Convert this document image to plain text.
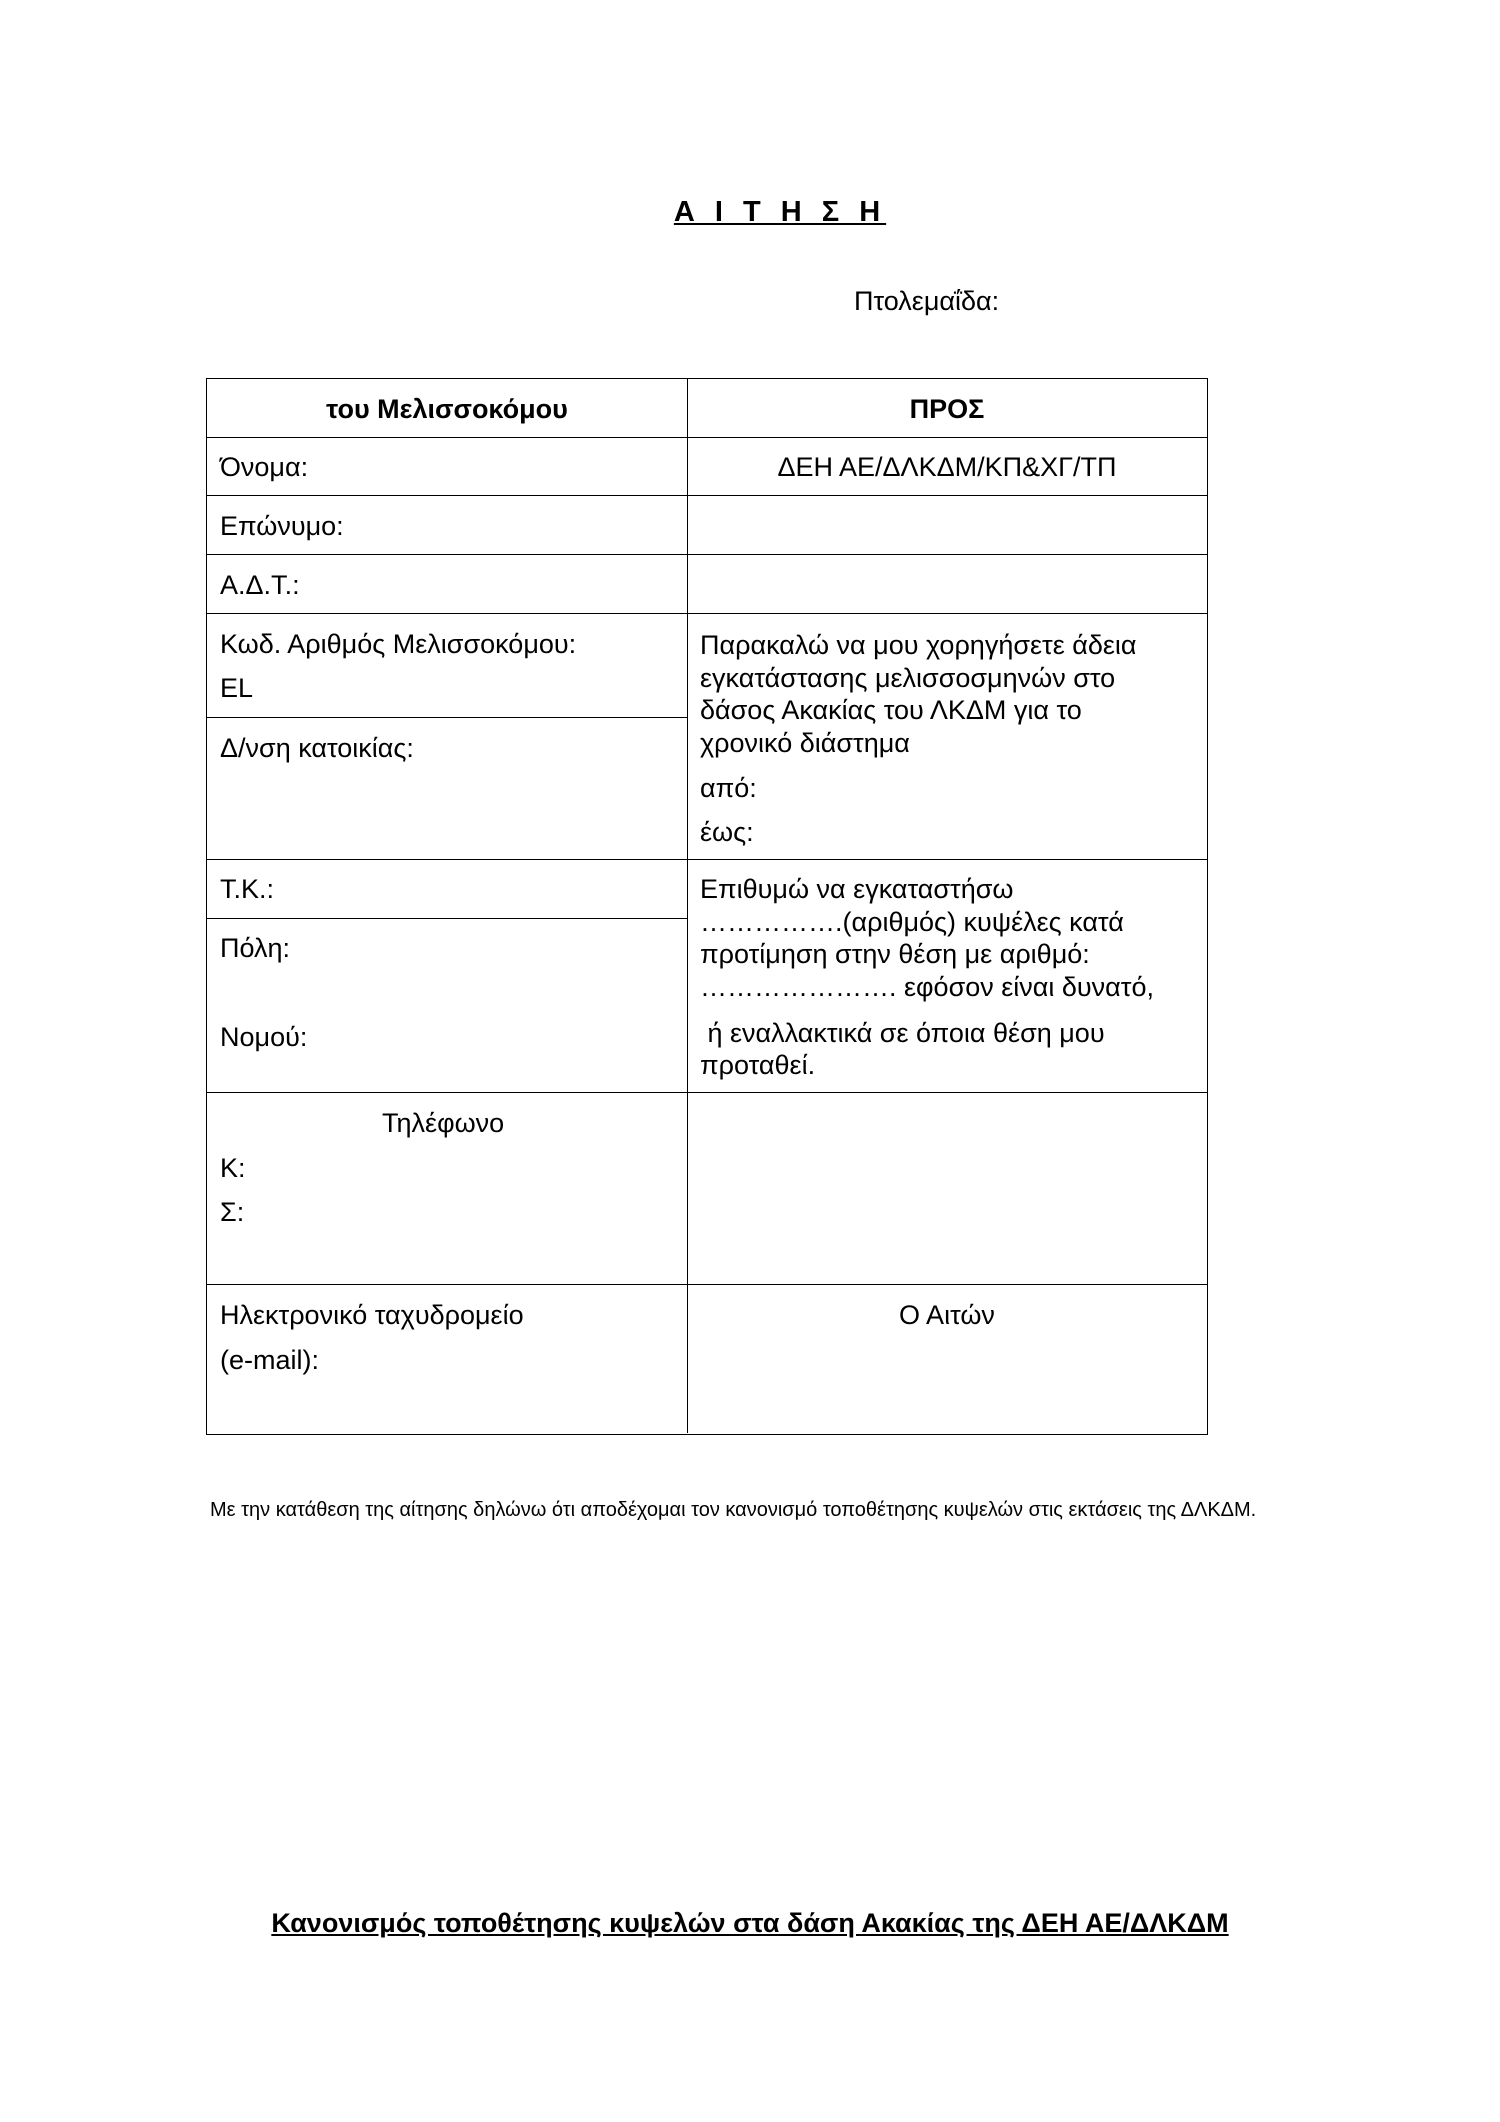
Α Ι Τ Η Σ Η
Πτολεμαΐδα:
του Μελισσοκόμου	ΠΡΟΣ
Όνομα:	ΔΕΗ ΑΕ/ΔΛΚΔΜ/ΚΠ&ΧΓ/ΤΠ
Επώνυμο:
Α.Δ.Τ.:
Κωδ. Αριθμός Μελισσοκόμου:
EL
Δ/νση κατοικίας:
Παρακαλώ να μου χορηγήσετε άδεια
εγκατάστασης μελισσοσμηνών στο
δάσος Ακακίας του ΛΚΔΜ για το
χρονικό διάστημα
από:
έως:
Τ.Κ.:
Πόλη:
Νομού:
Επιθυμώ να εγκαταστήσω
…………….(αριθμός) κυψέλες κατά
προτίμηση στην θέση με αριθμό:
…………………. εφόσον είναι δυνατό,
ή εναλλακτικά σε όποια θέση μου
προταθεί.
Τηλέφωνο
Κ:
Σ:
Ηλεκτρονικό ταχυδρομείο
(e-mail):
Ο Αιτών
Με την κατάθεση της αίτησης δηλώνω ότι αποδέχομαι τον κανονισμό τοποθέτησης κυψελών στις εκτάσεις της ΔΛΚΔΜ.
Κανονισμός τοποθέτησης κυψελών στα δάση Ακακίας της ΔΕΗ ΑΕ/ΔΛΚΔΜ
